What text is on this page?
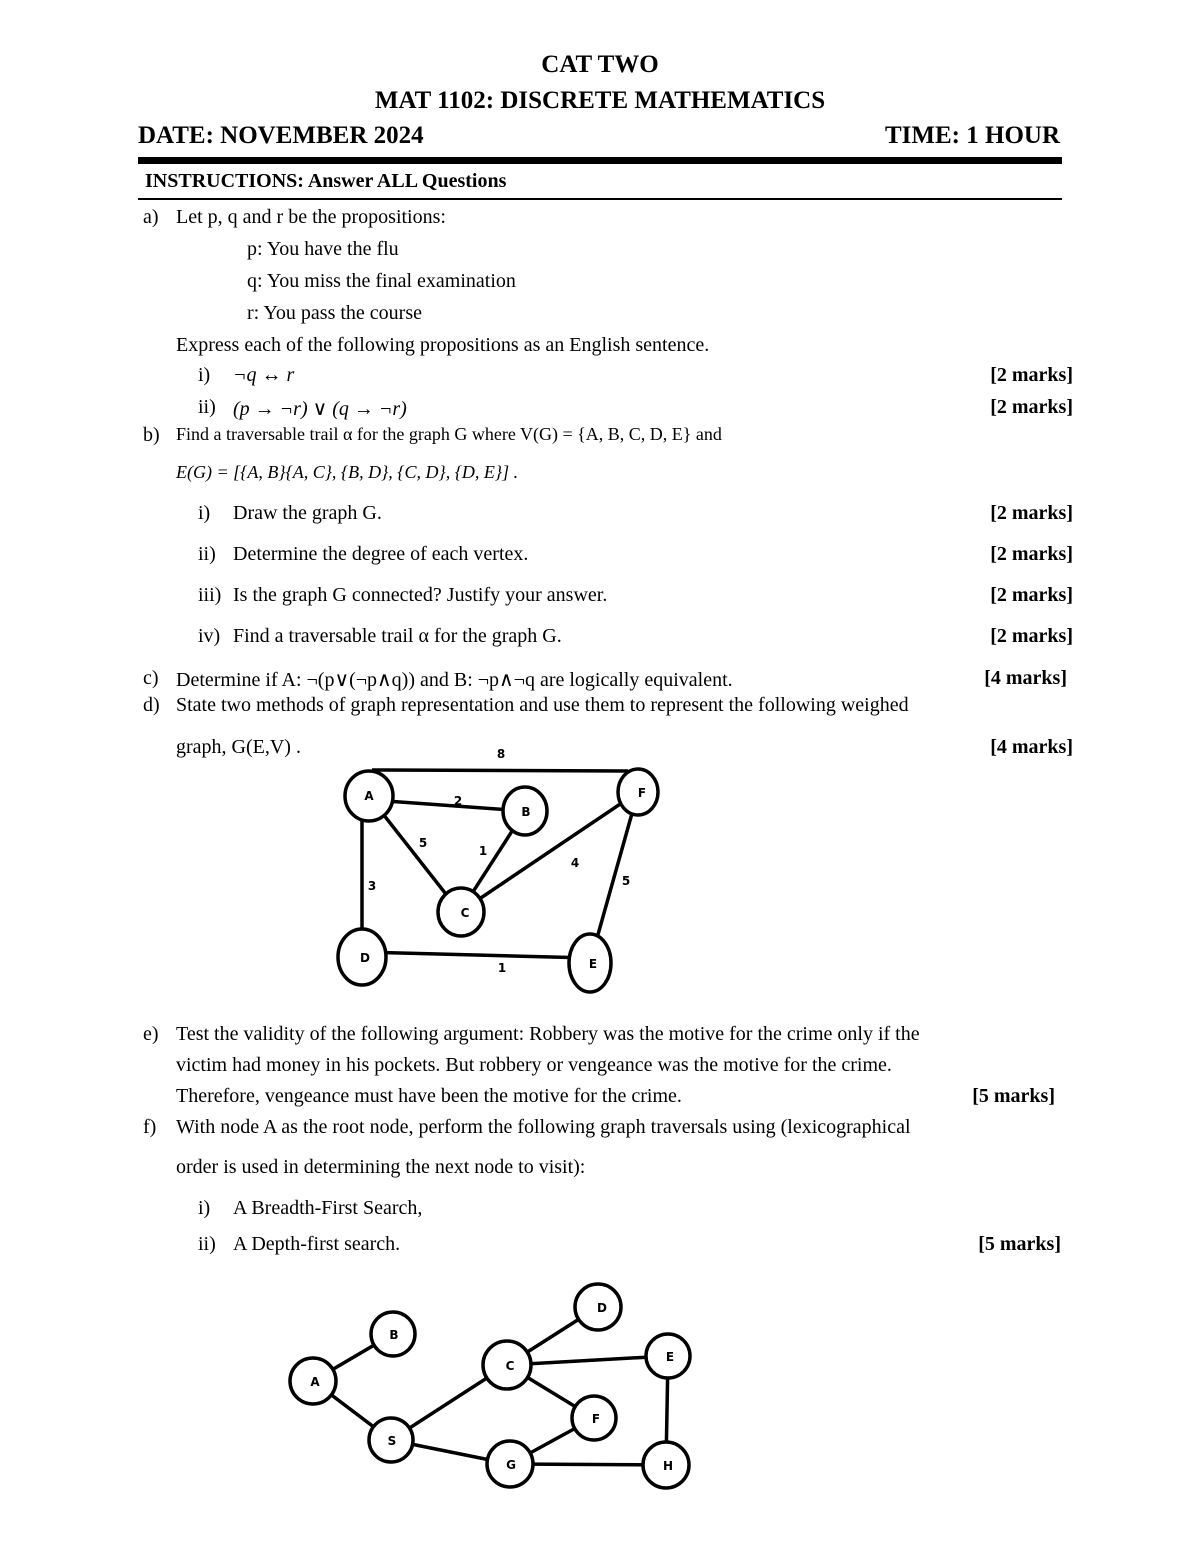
CAT TWO
MAT 1102: DISCRETE MATHEMATICS
DATE: NOVEMBER 2024	TIME: 1 HOUR
INSTRUCTIONS: Answer ALL Questions
a) Let p, q and r be the propositions:
p: You have the flu
q: You miss the final examination
r: You pass the course
Express each of the following propositions as an English sentence.
i) ¬q ↔ r	[2 marks]
ii) (p → ¬r) ∨ (q → ¬r)	[2 marks]
b) Find a traversable trail α for the graph G where V(G) = {A, B, C, D, E} and
E(G) = [{A, B}{A, C}, {B, D}, {C, D}, {D, E}] .
i) Draw the graph G.	[2 marks]
ii) Determine the degree of each vertex.	[2 marks]
iii) Is the graph G connected? Justify your answer.	[2 marks]
iv) Find a traversable trail α for the graph G.	[2 marks]
c) Determine if A: ¬(p∨(¬p∧q)) and B: ¬p∧¬q are logically equivalent.	[4 marks]
d) State two methods of graph representation and use them to represent the following weighed
graph, G(E,V) .	[4 marks]
A
B
C
D	E
F
8
2
5
1
4
3	5
1
e) Test the validity of the following argument: Robbery was the motive for the crime only if the
victim had money in his pockets. But robbery or vengeance was the motive for the crime.
Therefore, vengeance must have been the motive for the crime.	[5 marks]
f) With node A as the root node, perform the following graph traversals using (lexicographical
order is used in determining the next node to visit):
i) A Breadth-First Search,
ii) A Depth-first search.	[5 marks]
A
B
S
C
D
E
F
G	H
